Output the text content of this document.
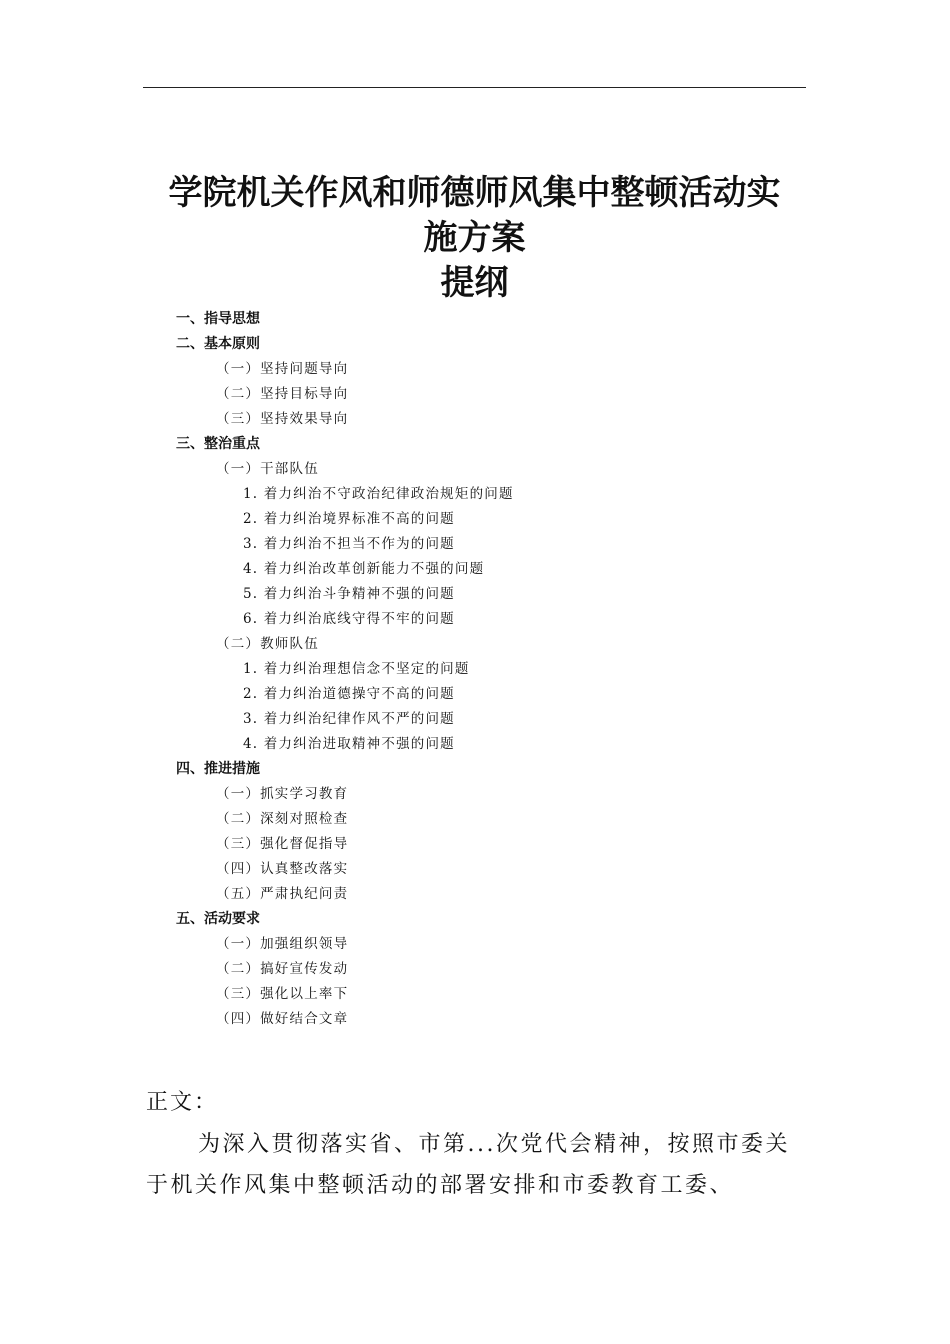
学院机关作风和师德师风集中整顿活动实
施方案
提纲
一、指导思想
二、基本原则
（一）坚持问题导向
（二）坚持目标导向
（三）坚持效果导向
三、整治重点
（一）干部队伍
1. 着力纠治不守政治纪律政治规矩的问题
2. 着力纠治境界标准不高的问题
3. 着力纠治不担当不作为的问题
4. 着力纠治改革创新能力不强的问题
5. 着力纠治斗争精神不强的问题
6. 着力纠治底线守得不牢的问题
（二）教师队伍
1. 着力纠治理想信念不坚定的问题
2. 着力纠治道德操守不高的问题
3. 着力纠治纪律作风不严的问题
4. 着力纠治进取精神不强的问题
四、推进措施
（一）抓实学习教育
（二）深刻对照检查
（三）强化督促指导
（四）认真整改落实
（五）严肃执纪问责
五、活动要求
（一）加强组织领导
（二）搞好宣传发动
（三）强化以上率下
（四）做好结合文章

正文：

为深入贯彻落实省、市第...次党代会精神，按照市委关于机关作风集中整顿活动的部署安排和市委教育工委、
